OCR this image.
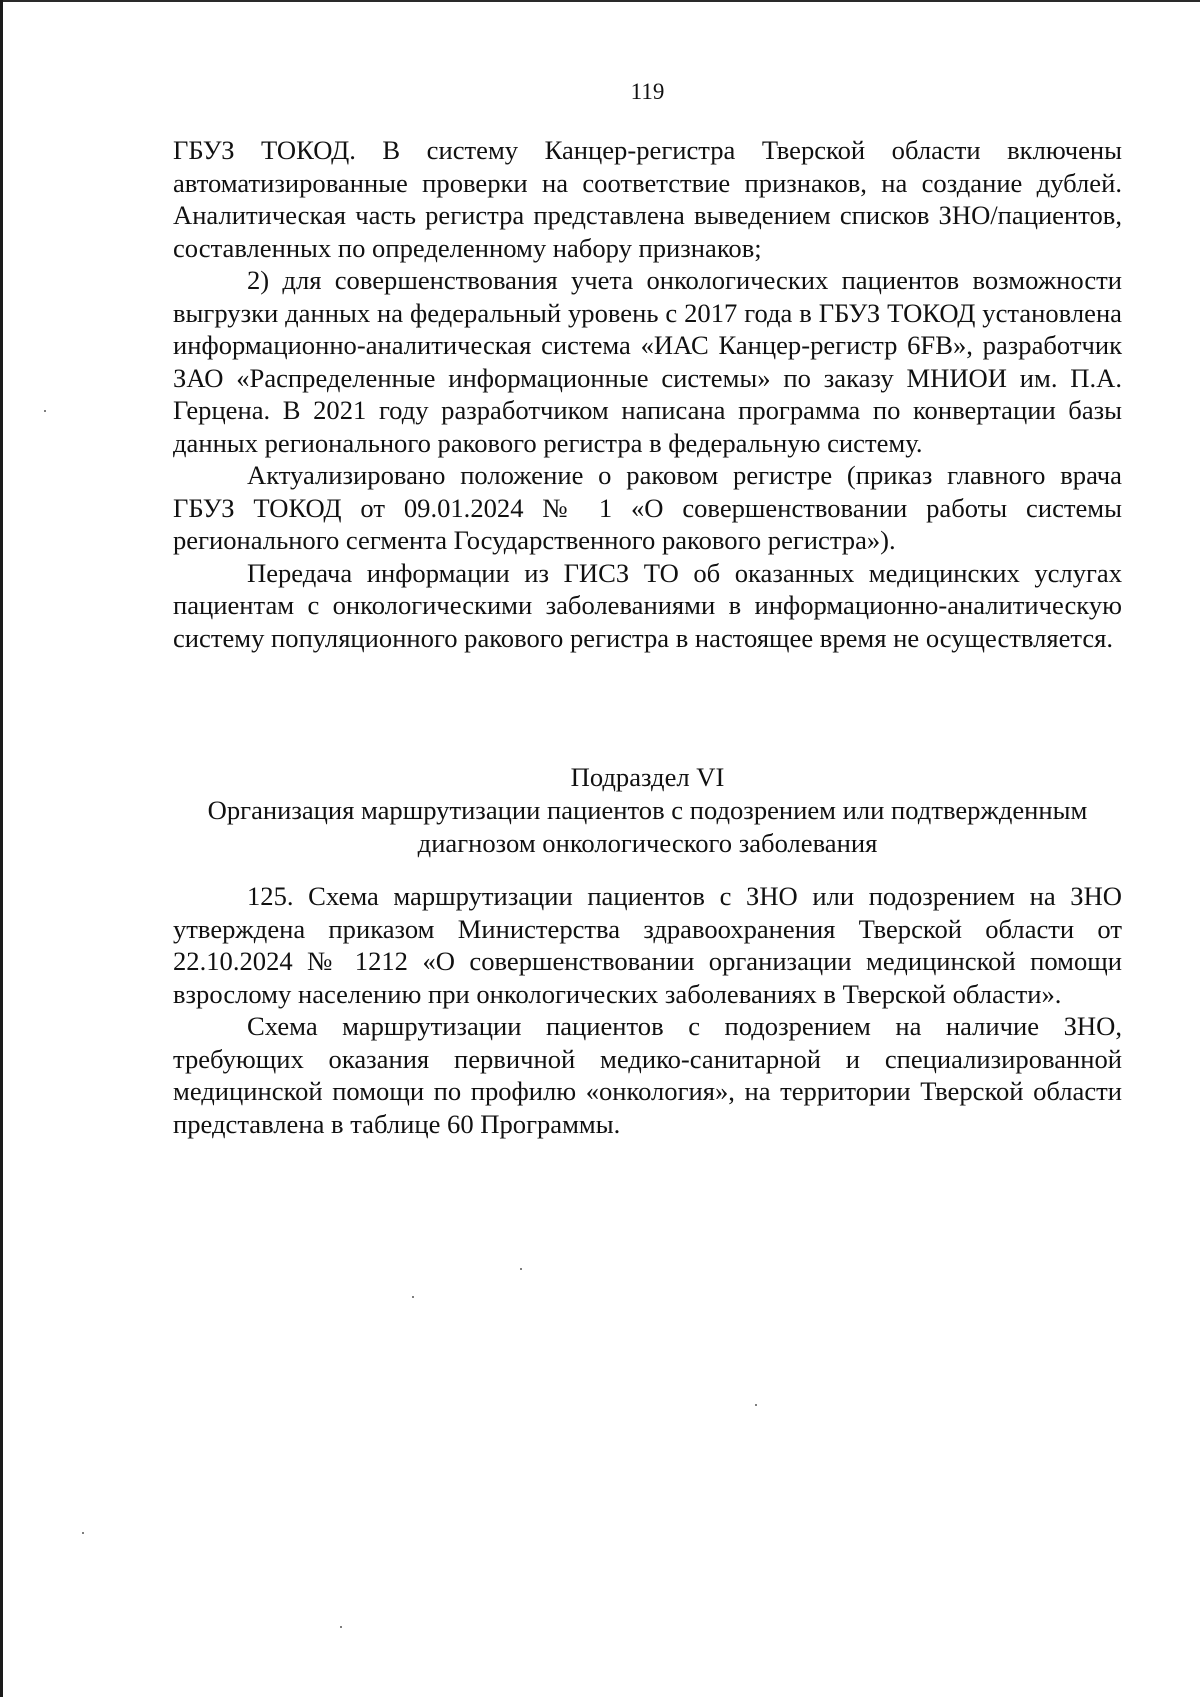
119

ГБУЗ ТОКОД. В систему Канцер-регистра Тверской области включены автоматизированные проверки на соответствие признаков, на создание дублей. Аналитическая часть регистра представлена выведением списков ЗНО/пациентов, составленных по определенному набору признаков;

2) для совершенствования учета онкологических пациентов возможности выгрузки данных на федеральный уровень с 2017 года в ГБУЗ ТОКОД установлена информационно-аналитическая система «ИАС Канцер-регистр 6FB», разработчик ЗАО «Распределенные информационные системы» по заказу МНИОИ им. П.А. Герцена. В 2021 году разработчиком написана программа по конвертации базы данных регионального ракового регистра в федеральную систему.

Актуализировано положение о раковом регистре (приказ главного врача ГБУЗ ТОКОД от 09.01.2024 № 1 «О совершенствовании работы системы регионального сегмента Государственного ракового регистра»).

Передача информации из ГИСЗ ТО об оказанных медицинских услугах пациентам с онкологическими заболеваниями в информационно-аналитическую систему популяционного ракового регистра в настоящее время не осуществляется.

Подраздел VI
Организация маршрутизации пациентов с подозрением или подтвержденным
диагнозом онкологического заболевания

125. Схема маршрутизации пациентов с ЗНО или подозрением на ЗНО утверждена приказом Министерства здравоохранения Тверской области от 22.10.2024 № 1212 «О совершенствовании организации медицинской помощи взрослому населению при онкологических заболеваниях в Тверской области».

Схема маршрутизации пациентов с подозрением на наличие ЗНО, требующих оказания первичной медико-санитарной и специализированной медицинской помощи по профилю «онкология», на территории Тверской области представлена в таблице 60 Программы.
